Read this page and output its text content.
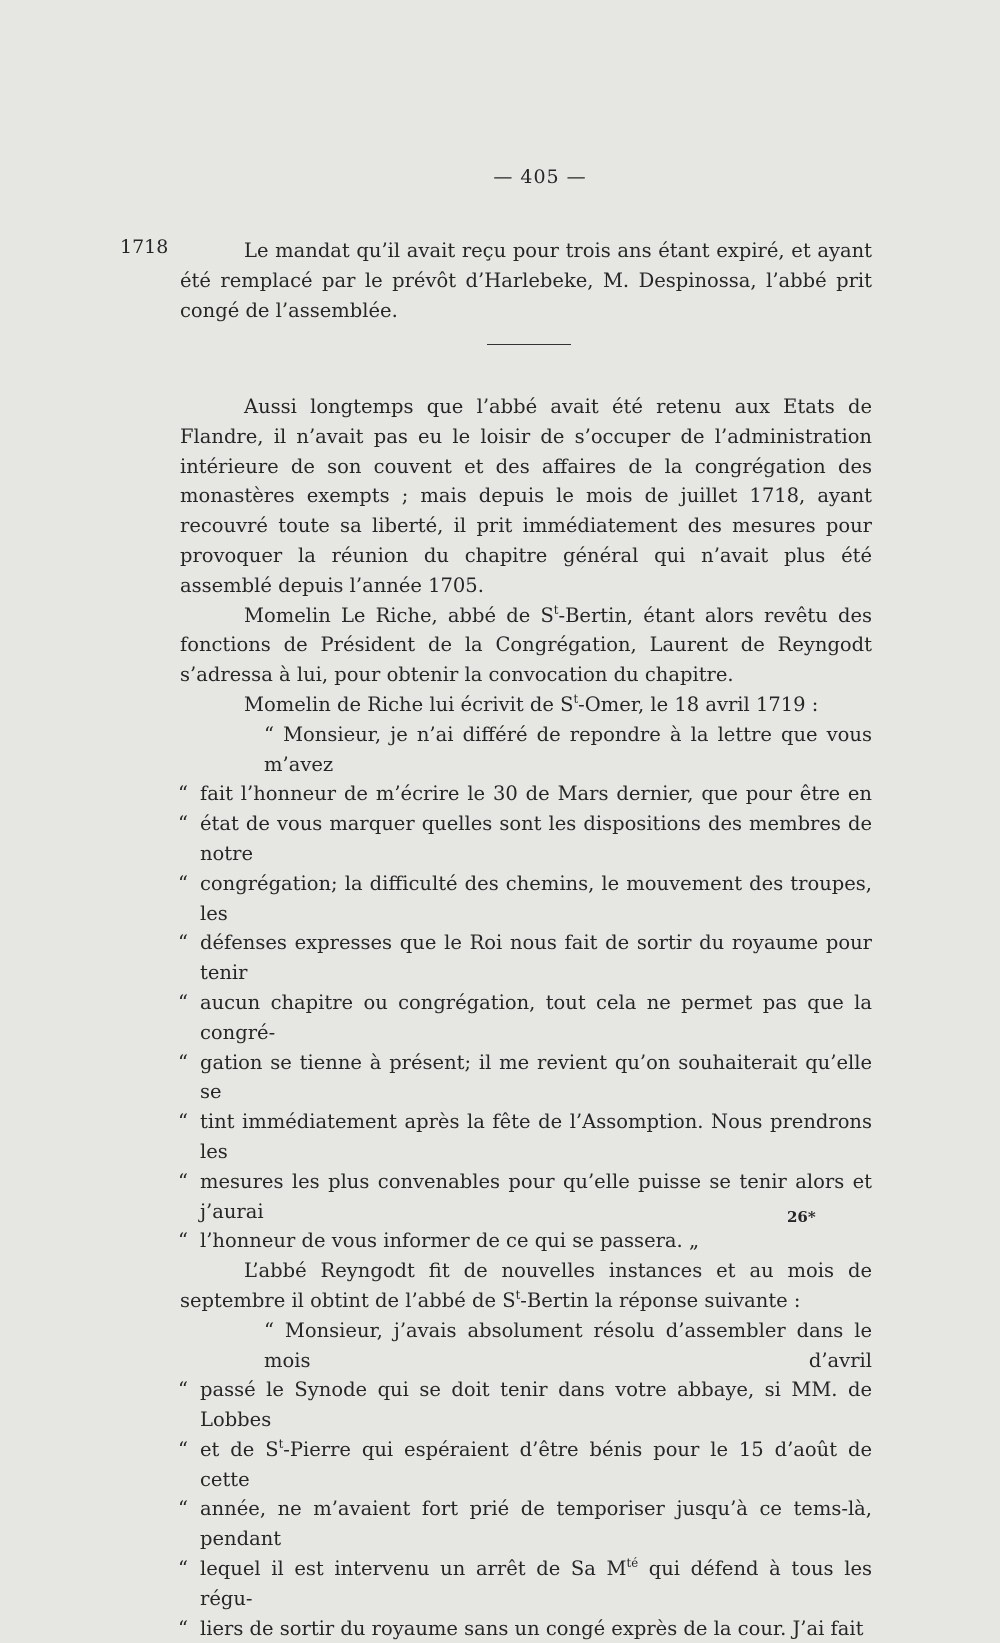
— 405 —
1718	Le mandat qu’il avait reçu pour trois ans étant expiré, et ayant été remplacé par le prévôt d’Harlebeke, M. Despinossa, l’abbé prit congé de l’assemblée.

Aussi longtemps que l’abbé avait été retenu aux Etats de Flandre, il n’avait pas eu le loisir de s’occuper de l’administration intérieure de son couvent et des affaires de la congrégation des monastères exempts ; mais depuis le mois de juillet 1718, ayant recouvré toute sa liberté, il prit immédiatement des mesures pour provoquer la réunion du chapitre général qui n’avait plus été assemblé depuis l’année 1705.

Momelin Le Riche, abbé de $S^t$-Bertin, étant alors revêtu des fonctions de Président de la Congrégation, Laurent de Reyngodt s’adressa à lui, pour obtenir la convocation du chapitre.

Momelin de Riche lui écrivit de $S^t$-Omer, le 18 avril 1719 :

“ Monsieur, je n’ai différé de repondre à la lettre que vous m’avez
“ fait l’honneur de m’écrire le 30 de Mars dernier, que pour être en
“ état de vous marquer quelles sont les dispositions des membres de notre
“ congrégation; la difficulté des chemins, le mouvement des troupes, les
“ défenses expresses que le Roi nous fait de sortir du royaume pour tenir
“ aucun chapitre ou congrégation, tout cela ne permet pas que la congré-
“ gation se tienne à présent; il me revient qu’on souhaiterait qu’elle se
“ tint immédiatement après la fête de l’Assomption. Nous prendrons les
“ mesures les plus convenables pour qu’elle puisse se tenir alors et j’aurai
“ l’honneur de vous informer de ce qui se passera. „

L’abbé Reyngodt fit de nouvelles instances et au mois de septembre il obtint de l’abbé de $S^t$-Bertin la réponse suivante :

“ Monsieur, j’avais absolument résolu d’assembler dans le mois d’avril
“ passé le Synode qui se doit tenir dans votre abbaye, si MM. de Lobbes
“ et de $S^t$-Pierre qui espéraient d’être bénis pour le 15 d’août de cette
“ année, ne m’avaient fort prié de temporiser jusqu’à ce tems-là, pendant
“ lequel il est intervenu un arrêt de Sa $M^{té}$ qui défend à tous les régu-
“ liers de sortir du royaume sans un congé exprès de la cour. J’ai fait

26*
